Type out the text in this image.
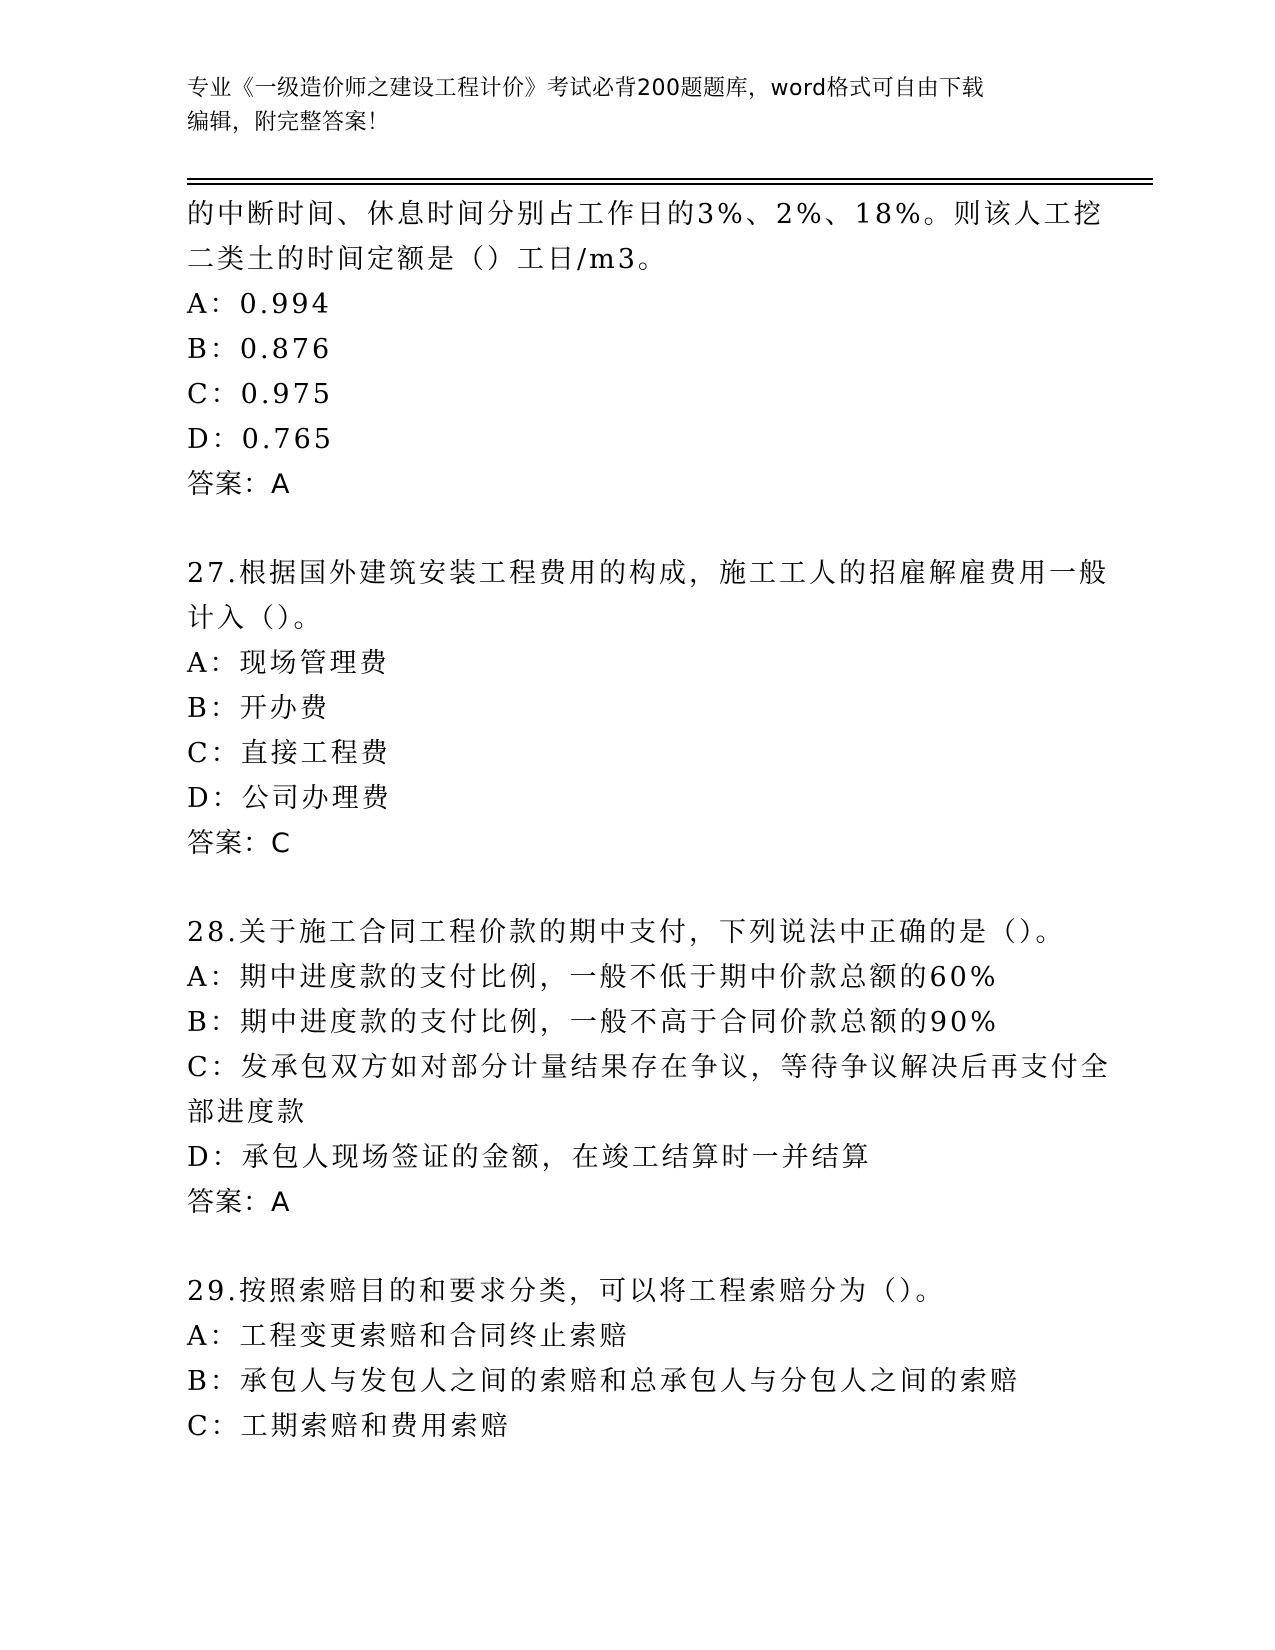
专业《一级造价师之建设工程计价》考试必背200题题库，word格式可自由下载
编辑，附完整答案！
的中断时间、休息时间分别占工作日的3%、2%、18%。则该人工挖
二类土的时间定额是（）工日/m3。
A：0.994
B：0.876
C：0.975
D：0.765
答案：A
27.根据国外建筑安装工程费用的构成，施工工人的招雇解雇费用一般
计入（）。
A：现场管理费
B：开办费
C：直接工程费
D：公司办理费
答案：C
28.关于施工合同工程价款的期中支付，下列说法中正确的是（）。
A：期中进度款的支付比例，一般不低于期中价款总额的60%
B：期中进度款的支付比例，一般不高于合同价款总额的90%
C：发承包双方如对部分计量结果存在争议，等待争议解决后再支付全
部进度款
D：承包人现场签证的金额，在竣工结算时一并结算
答案：A
29.按照索赔目的和要求分类，可以将工程索赔分为（）。
A：工程变更索赔和合同终止索赔
B：承包人与发包人之间的索赔和总承包人与分包人之间的索赔
C：工期索赔和费用索赔
